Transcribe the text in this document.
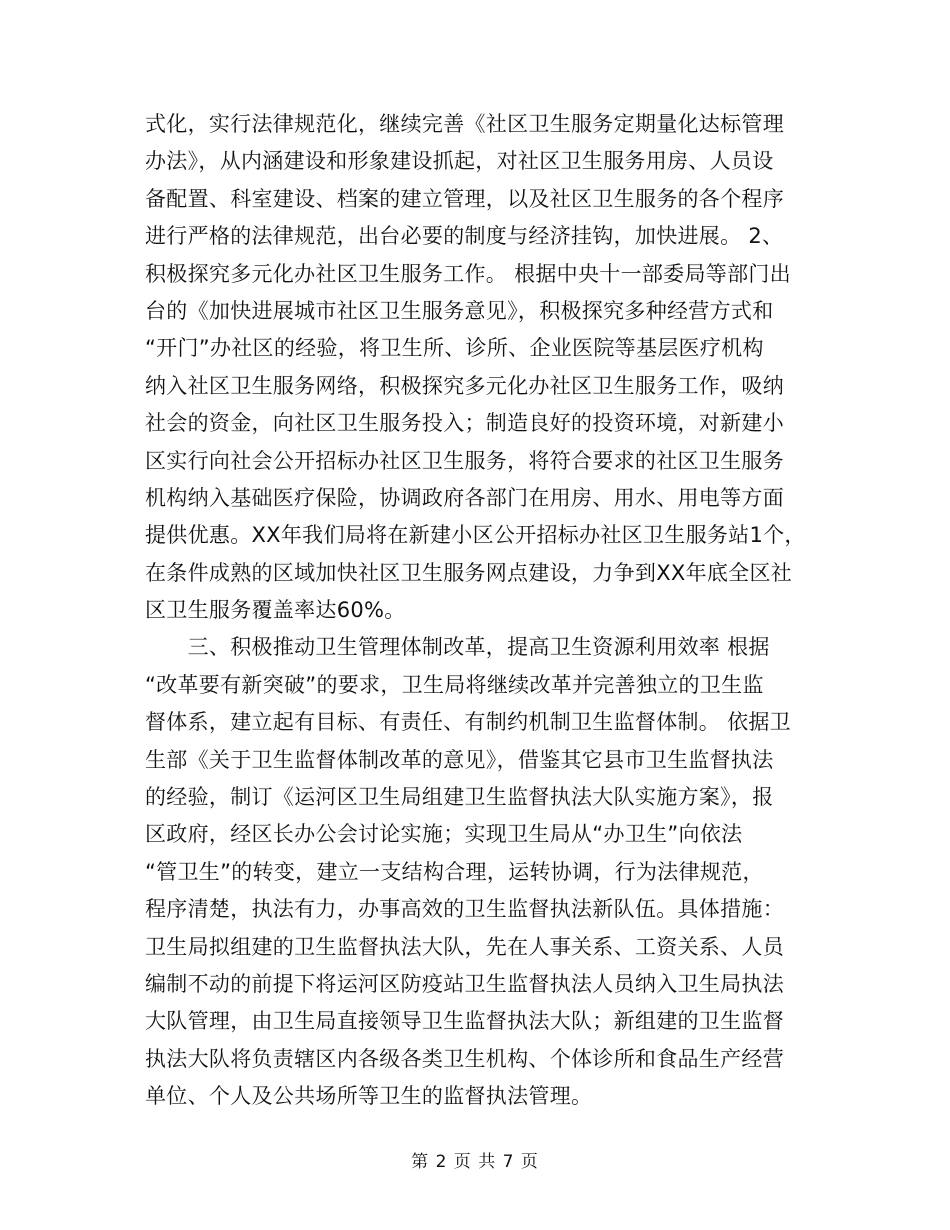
式化，实行法律规范化，继续完善《社区卫生服务定期量化达标管理
办法》，从内涵建设和形象建设抓起，对社区卫生服务用房、人员设
备配置、科室建设、档案的建立管理，以及社区卫生服务的各个程序
进行严格的法律规范，出台必要的制度与经济挂钩，加快进展。 2、
积极探究多元化办社区卫生服务工作。 根据中央十一部委局等部门出
台的《加快进展城市社区卫生服务意见》，积极探究多种经营方式和
“开门”办社区的经验，将卫生所、诊所、企业医院等基层医疗机构
纳入社区卫生服务网络，积极探究多元化办社区卫生服务工作，吸纳
社会的资金，向社区卫生服务投入；制造良好的投资环境，对新建小
区实行向社会公开招标办社区卫生服务，将符合要求的社区卫生服务
机构纳入基础医疗保险，协调政府各部门在用房、用水、用电等方面
提供优惠。XX年我们局将在新建小区公开招标办社区卫生服务站1个，
在条件成熟的区域加快社区卫生服务网点建设，力争到XX年底全区社
区卫生服务覆盖率达60%。
　　三、积极推动卫生管理体制改革，提高卫生资源利用效率 根据
“改革要有新突破”的要求，卫生局将继续改革并完善独立的卫生监
督体系，建立起有目标、有责任、有制约机制卫生监督体制。 依据卫
生部《关于卫生监督体制改革的意见》，借鉴其它县市卫生监督执法
的经验，制订《运河区卫生局组建卫生监督执法大队实施方案》，报
区政府，经区长办公会讨论实施；实现卫生局从“办卫生”向依法
“管卫生”的转变，建立一支结构合理，运转协调，行为法律规范，
程序清楚，执法有力，办事高效的卫生监督执法新队伍。具体措施：
卫生局拟组建的卫生监督执法大队，先在人事关系、工资关系、人员
编制不动的前提下将运河区防疫站卫生监督执法人员纳入卫生局执法
大队管理，由卫生局直接领导卫生监督执法大队；新组建的卫生监督
执法大队将负责辖区内各级各类卫生机构、个体诊所和食品生产经营
单位、个人及公共场所等卫生的监督执法管理。
第 2 页 共 7 页
